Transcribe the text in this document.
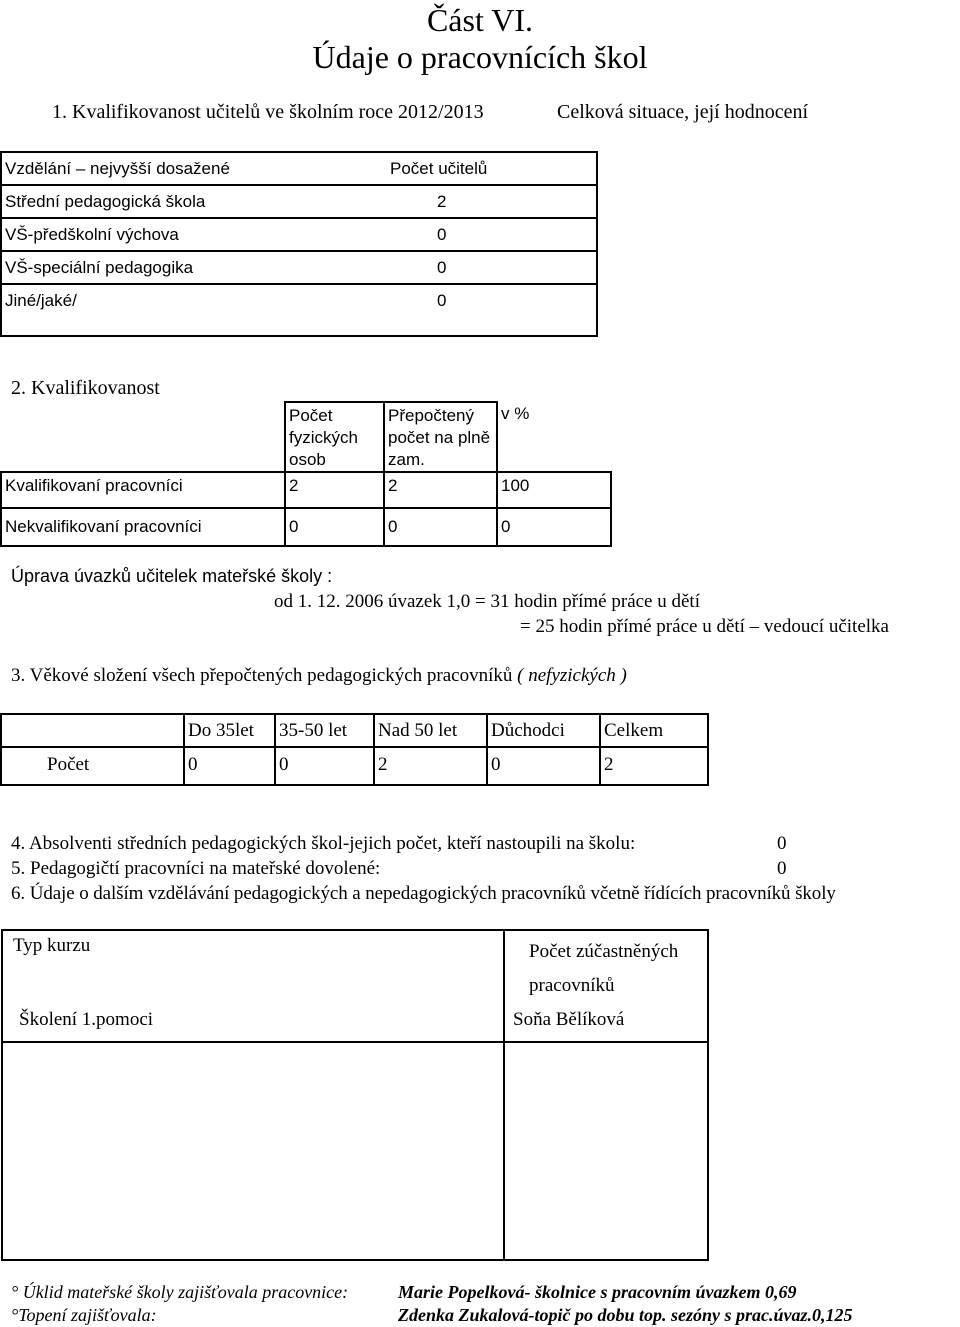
Část VI.
Údaje o pracovnících škol
1. Kvalifikovanost učitelů ve školním roce 2012/2013	Celková situace, její hodnocení
Vzdělání – nejvyšší dosažené	Počet učitelů
Střední pedagogická škola	2
VŠ-předškolní výchova	0
VŠ-speciální pedagogika	0
Jiné/jaké/	0
2. Kvalifikovanost
	Počet fyzických osob	Přepočtený počet na plně zam.	v %
Kvalifikovaní pracovníci	2	2	100
Nekvalifikovaní pracovníci	0	0	0
Úprava úvazků učitelek mateřské školy :
od 1. 12. 2006 úvazek 1,0 = 31 hodin přímé práce u dětí
= 25 hodin přímé práce u dětí – vedoucí učitelka
3. Věkové složení všech přepočtených pedagogických pracovníků ( nefyzických )
	Do 35let	35-50 let	Nad 50 let	Důchodci	Celkem
Počet	0	0	2	0	2
4. Absolventi středních pedagogických škol-jejich počet, kteří nastoupili na školu:	0
5. Pedagogičtí pracovníci na mateřské dovolené:	0
6. Údaje o dalším vzdělávání pedagogických a nepedagogických pracovníků včetně řídících pracovníků školy
Typ kurzu	Počet zúčastněných
pracovníků
Školení 1.pomoci	Soňa Bělíková

° Úklid mateřské školy zajišťovala pracovnice:	Marie Popelková- školnice s pracovním úvazkem 0,69
°Topení zajišťovala:	Zdenka Zukalová-topič po dobu top. sezóny s prac.úvaz.0,125
